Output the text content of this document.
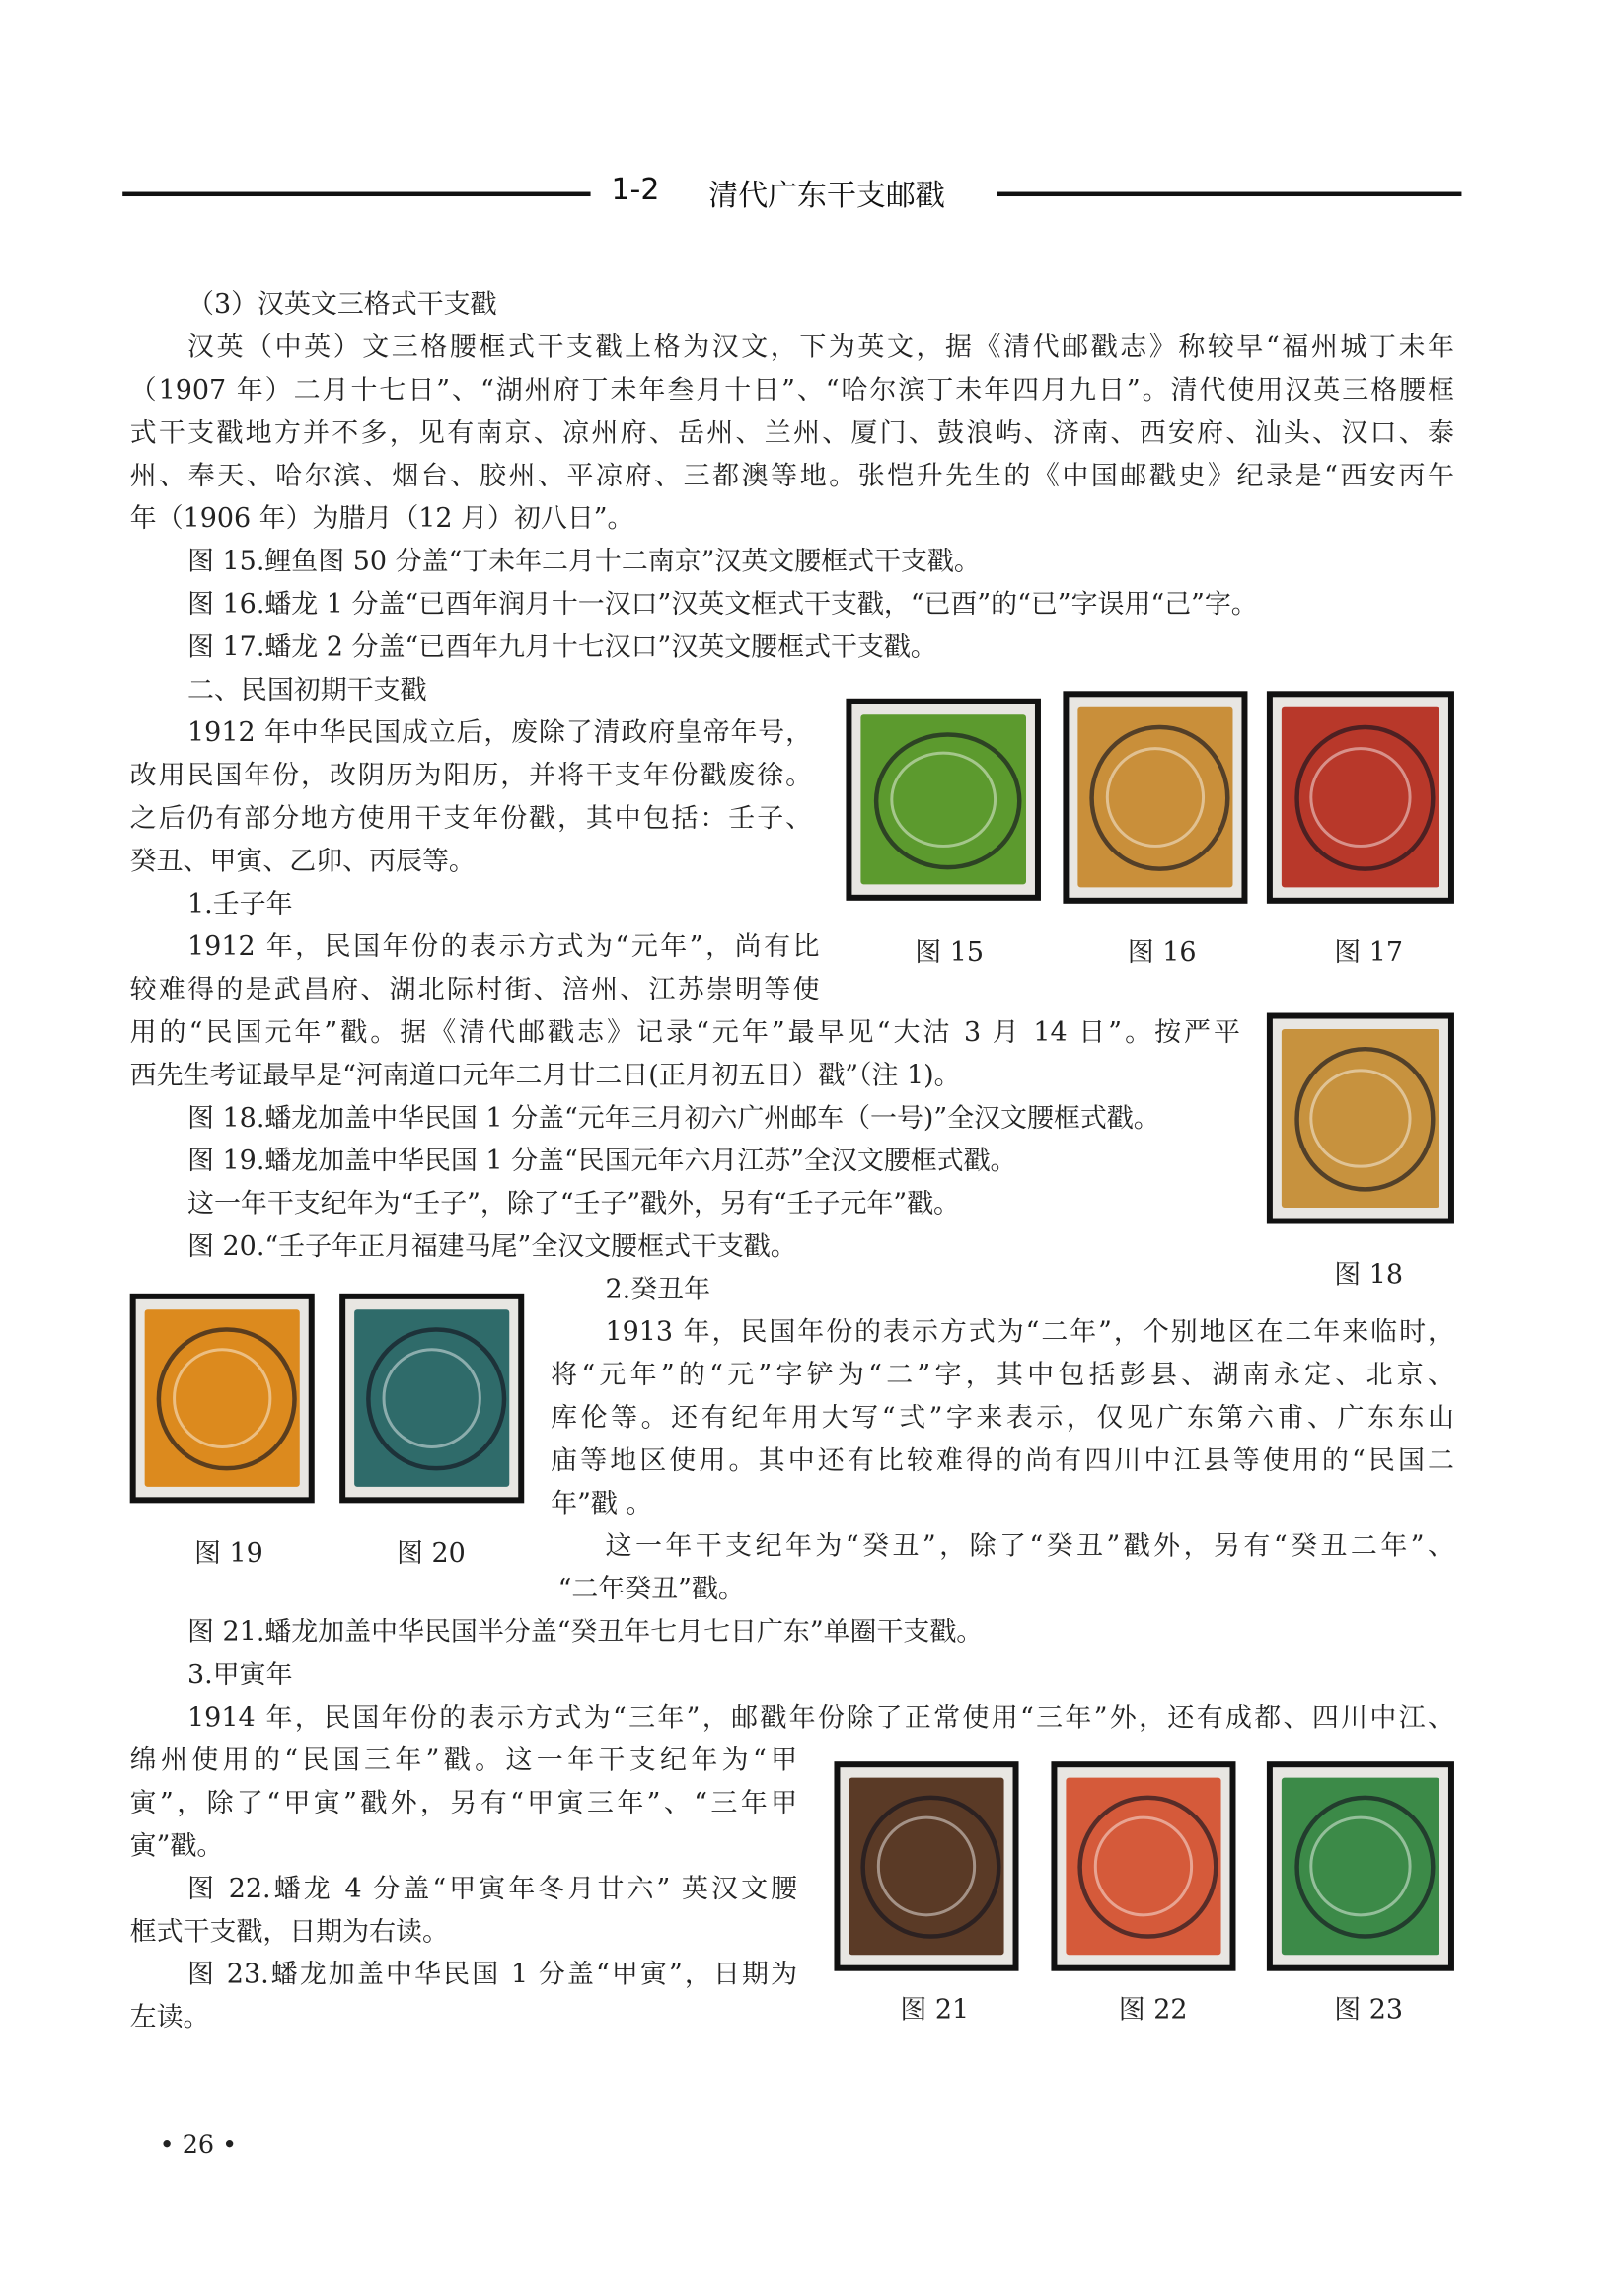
1-2 清代广东干支邮戳
（3）汉英文三格式干支戳
汉英（中英）文三格腰框式干支戳上格为汉文，下为英文，据《清代邮戳志》称较早“福州城丁未年
（1907 年）二月十七日”、“湖州府丁未年叁月十日”、“哈尔滨丁未年四月九日”。清代使用汉英三格腰框
式干支戳地方并不多，见有南京、凉州府、岳州、兰州、厦门、鼓浪屿、济南、西安府、汕头、汉口、泰
州、奉天、哈尔滨、烟台、胶州、平凉府、三都澳等地。张恺升先生的《中国邮戳史》纪录是“西安丙午
年（1906 年）为腊月（12 月）初八日”。
图 15.鲤鱼图 50 分盖“丁未年二月十二南京”汉英文腰框式干支戳。
图 16.蟠龙 1 分盖“已酉年润月十一汉口”汉英文框式干支戳，“已酉”的“已”字误用“己”字。
图 17.蟠龙 2 分盖“已酉年九月十七汉口”汉英文腰框式干支戳。
二、民国初期干支戳
1912 年中华民国成立后，废除了清政府皇帝年号，
改用民国年份，改阴历为阳历，并将干支年份戳废徐。
之后仍有部分地方使用干支年份戳，其中包括：壬子、
癸丑、甲寅、乙卯、丙辰等。
1.壬子年
1912 年，民国年份的表示方式为“元年”，尚有比
较难得的是武昌府、湖北际村街、涪州、江苏崇明等使
用的“民国元年”戳。据《清代邮戳志》记录“元年”最早见“大沽 3 月 14 日”。按严平
西先生考证最早是“河南道口元年二月廿二日(正月初五日）戳”（注 1)。
图 18.蟠龙加盖中华民国 1 分盖“元年三月初六广州邮车（一号)”全汉文腰框式戳。
图 19.蟠龙加盖中华民国 1 分盖“民国元年六月江苏”全汉文腰框式戳。
这一年干支纪年为“壬子”，除了“壬子”戳外，另有“壬子元年”戳。
图 20.“壬子年正月福建马尾”全汉文腰框式干支戳。
2.癸丑年
1913 年，民国年份的表示方式为“二年”，个别地区在二年来临时，
将“元年”的“元”字铲为“二”字，其中包括彭县、湖南永定、北京、
库伦等。还有纪年用大写“弍”字来表示，仅见广东第六甫、广东东山
庙等地区使用。其中还有比较难得的尚有四川中江县等使用的“民国二
年”戳 。
这一年干支纪年为“癸丑”，除了“癸丑”戳外，另有“癸丑二年”、
“二年癸丑”戳。
图 21.蟠龙加盖中华民国半分盖“癸丑年七月七日广东”单圈干支戳。
3.甲寅年
1914 年，民国年份的表示方式为“三年”，邮戳年份除了正常使用“三年”外，还有成都、四川中江、
绵州使用的“民国三年”戳。这一年干支纪年为“甲
寅”，除了“甲寅”戳外，另有“甲寅三年”、“三年甲
寅”戳。
图 22.蟠龙 4 分盖“甲寅年冬月廿六” 英汉文腰
框式干支戳，日期为右读。
图 23.蟠龙加盖中华民国 1 分盖“甲寅”，日期为
左读。
图 15	图 16	图 17
图 18
图 19	图 20
图 21	图 22	图 23
• 26 •
